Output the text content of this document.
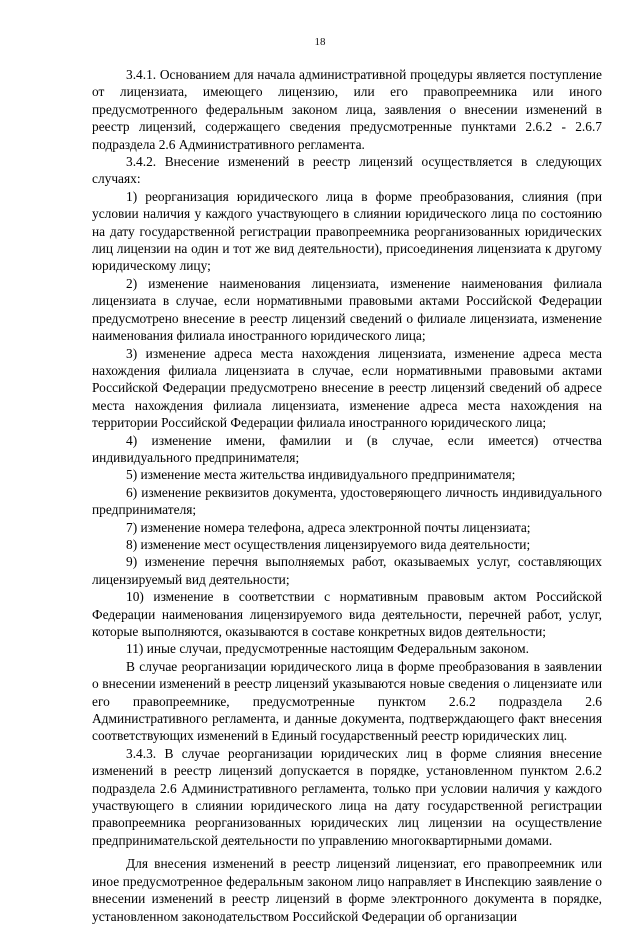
18

3.4.1. Основанием для начала административной процедуры является поступление от лицензиата, имеющего лицензию, или его правопреемника или иного предусмотренного федеральным законом лица, заявления о внесении изменений в реестр лицензий, содержащего сведения предусмотренные пунктами 2.6.2 - 2.6.7 подраздела 2.6 Административного регламента.

3.4.2. Внесение изменений в реестр лицензий осуществляется в следующих случаях:

1) реорганизация юридического лица в форме преобразования, слияния (при условии наличия у каждого участвующего в слиянии юридического лица по состоянию на дату государственной регистрации правопреемника реорганизованных юридических лиц лицензии на один и тот же вид деятельности), присоединения лицензиата к другому юридическому лицу;

2) изменение наименования лицензиата, изменение наименования филиала лицензиата в случае, если нормативными правовыми актами Российской Федерации предусмотрено внесение в реестр лицензий сведений о филиале лицензиата, изменение наименования филиала иностранного юридического лица;

3) изменение адреса места нахождения лицензиата, изменение адреса места нахождения филиала лицензиата в случае, если нормативными правовыми актами Российской Федерации предусмотрено внесение в реестр лицензий сведений об адресе места нахождения филиала лицензиата, изменение адреса места нахождения на территории Российской Федерации филиала иностранного юридического лица;

4) изменение имени, фамилии и (в случае, если имеется) отчества индивидуального предпринимателя;

5) изменение места жительства индивидуального предпринимателя;

6) изменение реквизитов документа, удостоверяющего личность индивидуального предпринимателя;

7) изменение номера телефона, адреса электронной почты лицензиата;

8) изменение мест осуществления лицензируемого вида деятельности;

9) изменение перечня выполняемых работ, оказываемых услуг, составляющих лицензируемый вид деятельности;

10) изменение в соответствии с нормативным правовым актом Российской Федерации наименования лицензируемого вида деятельности, перечней работ, услуг, которые выполняются, оказываются в составе конкретных видов деятельности;

11) иные случаи, предусмотренные настоящим Федеральным законом.

В случае реорганизации юридического лица в форме преобразования в заявлении о внесении изменений в реестр лицензий указываются новые сведения о лицензиате или его правопреемнике, предусмотренные пунктом 2.6.2 подраздела 2.6 Административного регламента, и данные документа, подтверждающего факт внесения соответствующих изменений в Единый государственный реестр юридических лиц.

3.4.3. В случае реорганизации юридических лиц в форме слияния внесение изменений в реестр лицензий допускается в порядке, установленном пунктом 2.6.2 подраздела 2.6 Административного регламента, только при условии наличия у каждого участвующего в слиянии юридического лица на дату государственной регистрации правопреемника реорганизованных юридических лиц лицензии на осуществление предпринимательской деятельности по управлению многоквартирными домами.

Для внесения изменений в реестр лицензий лицензиат, его правопреемник или иное предусмотренное федеральным законом лицо направляет в Инспекцию заявление о внесении изменений в реестр лицензий в форме электронного документа в порядке, установленном законодательством Российской Федерации об организации
